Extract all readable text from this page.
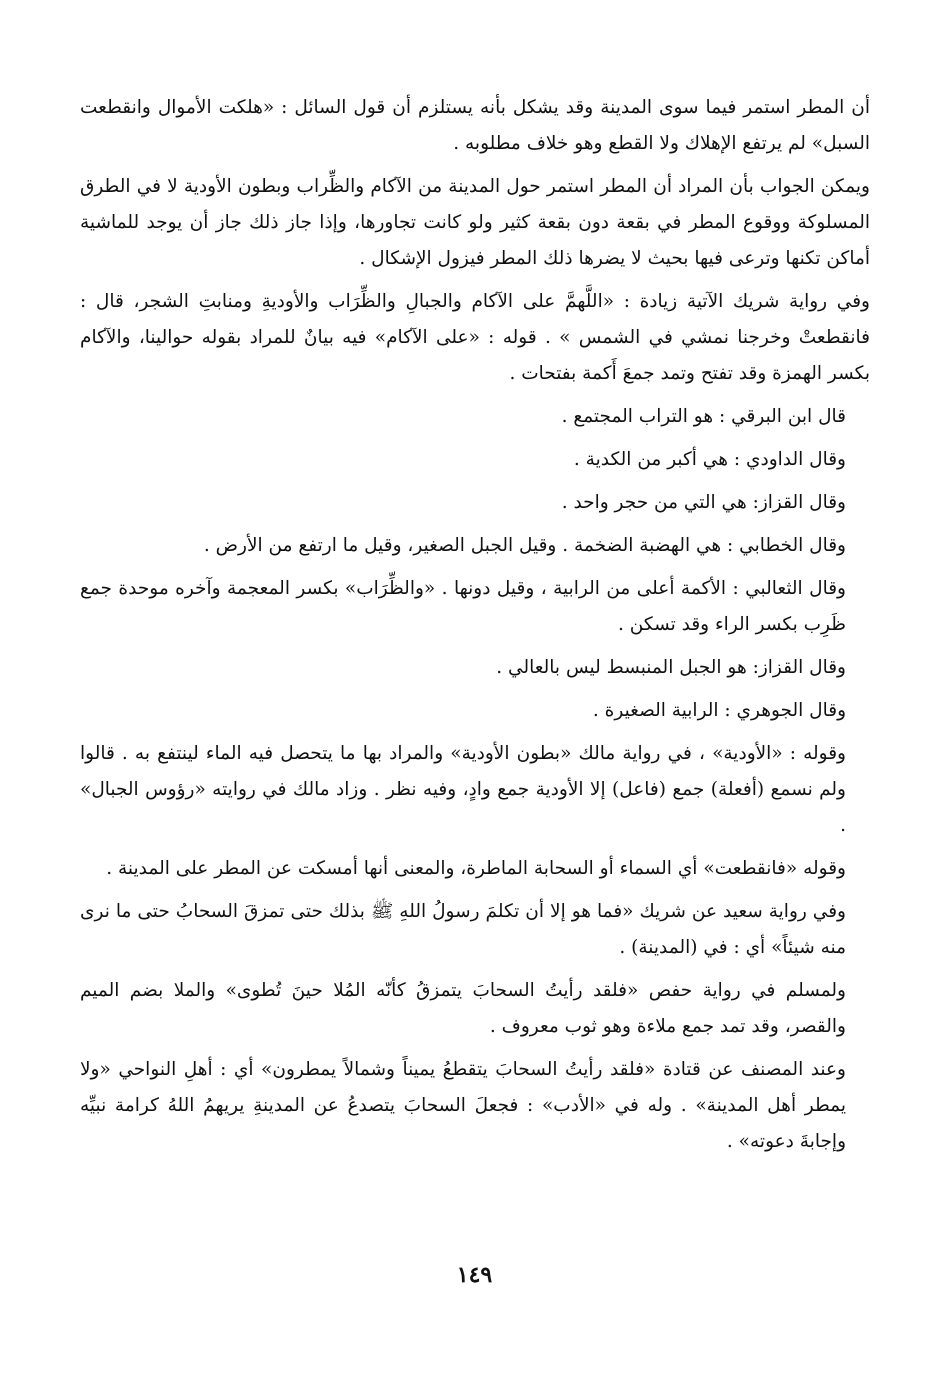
أن المطر استمر فيما سوى المدينة وقد يشكل بأنه يستلزم أن قول السائل : «هلكت الأموال وانقطعت السبل» لم يرتفع الإهلاك ولا القطع وهو خلاف مطلوبه .

ويمكن الجواب بأن المراد أن المطر استمر حول المدينة من الآكام والظِّراب وبطون الأودية لا في الطرق المسلوكة ووقوع المطر في بقعة دون بقعة كثير ولو كانت تجاورها، وإذا جاز ذلك جاز أن يوجد للماشية أماكن تكنها وترعى فيها بحيث لا يضرها ذلك المطر فيزول الإشكال .

وفي رواية شريك الآتية زيادة : «اللَّهمَّ على الآكام والجبالِ والظِّرَاب والأوديةِ ومنابتِ الشجر، قال : فانقطعتْ وخرجنا نمشي في الشمس » . قوله : «على الآكام» فيه بيانٌ للمراد بقوله حوالينا، والآكام بكسر الهمزة وقد تفتح وتمد جمعَ أَكمة بفتحات .

قال ابن البرقي : هو التراب المجتمع .

وقال الداودي : هي أكبر من الكدية .

وقال القزاز: هي التي من حجر واحد .

وقال الخطابي : هي الهضبة الضخمة . وقيل الجبل الصغير، وقيل ما ارتفع من الأرض .

وقال الثعالبي : الأكمة أعلى من الرابية ، وقيل دونها . «والظِّرَاب» بكسر المعجمة وآخره موحدة جمع ظَرِب بكسر الراء وقد تسكن .

وقال القزاز: هو الجبل المنبسط ليس بالعالي .

وقال الجوهري : الرابية الصغيرة .

وقوله : «الأودية» ، في رواية مالك «بطون الأودية» والمراد بها ما يتحصل فيه الماء لينتفع به . قالوا ولم نسمع (أفعلة) جمع (فاعل) إلا الأودية جمع وادٍ، وفيه نظر . وزاد مالك في روايته «رؤوس الجبال» .

وقوله «فانقطعت» أي السماء أو السحابة الماطرة، والمعنى أنها أمسكت عن المطر على المدينة .

وفي رواية سعيد عن شريك «فما هو إلا أن تكلمَ رسولُ اللهِ ﷺ بذلك حتى تمزقَ السحابُ حتى ما نرى منه شيئاً» أي : في (المدينة) .

ولمسلم في رواية حفص «فلقد رأيتُ السحابَ يتمزقُ كأنّه المُلا حينَ تُطوى» والملا بضم الميم والقصر، وقد تمد جمع ملاءة وهو ثوب معروف .

وعند المصنف عن قتادة «فلقد رأيتُ السحابَ يتقطعُ يميناً وشمالاً يمطرون» أي : أهلِ النواحي «ولا يمطر أهل المدينة» . وله في «الأدب» : فجعلَ السحابَ يتصدعُ عن المدينةِ يريهمُ اللهُ كرامة نبيِّه وإجابةَ دعوته» .

١٤٩
